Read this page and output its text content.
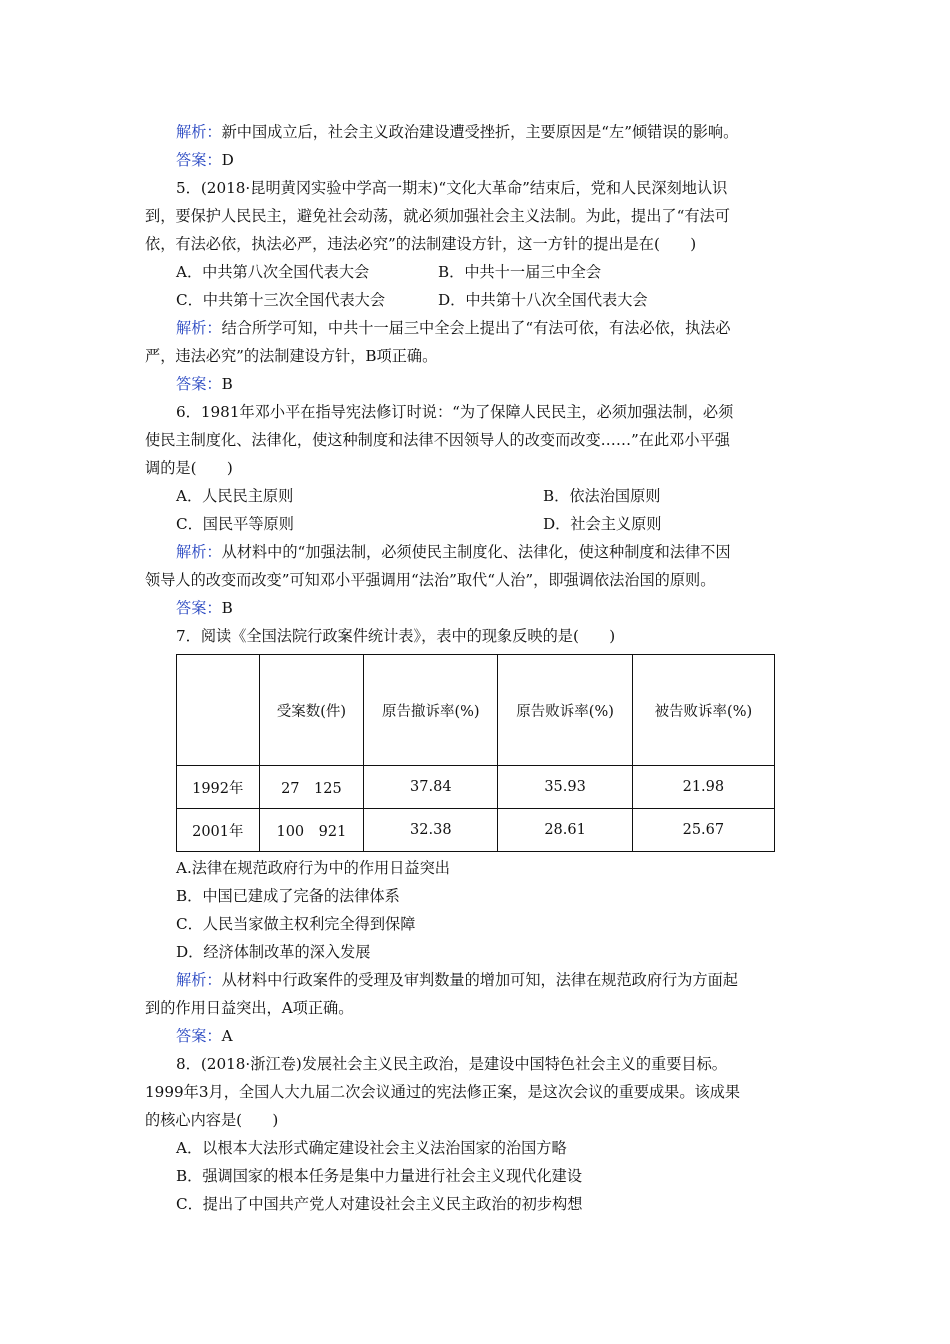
解析：新中国成立后，社会主义政治建设遭受挫折，主要原因是“左”倾错误的影响。
答案：D
5．(2018·昆明黄冈实验中学高一期末)“文化大革命”结束后，党和人民深刻地认识
到，要保护人民民主，避免社会动荡，就必须加强社会主义法制。为此，提出了“有法可
依，有法必依，执法必严，违法必究”的法制建设方针，这一方针的提出是在(　　)
A．中共第八次全国代表大会	B．中共十一届三中全会
C．中共第十三次全国代表大会	D．中共第十八次全国代表大会
解析：结合所学可知，中共十一届三中全会上提出了“有法可依，有法必依，执法必
严，违法必究”的法制建设方针，B项正确。
答案：B
6．1981年邓小平在指导宪法修订时说：“为了保障人民民主，必须加强法制，必须
使民主制度化、法律化，使这种制度和法律不因领导人的改变而改变……”在此邓小平强
调的是(　　)
A．人民民主原则	B．依法治国原则
C．国民平等原则	D．社会主义原则
解析：从材料中的“加强法制，必须使民主制度化、法律化，使这种制度和法律不因
领导人的改变而改变”可知邓小平强调用“法治”取代“人治”，即强调依法治国的原则。
答案：B
7．阅读《全国法院行政案件统计表》，表中的现象反映的是(　　)
	受案数(件)	原告撤诉率(%)	原告败诉率(%)	被告败诉率(%)
1992年	27　125	37.84	35.93	21.98
2001年	100　921	32.38	28.61	25.67
A.法律在规范政府行为中的作用日益突出
B．中国已建成了完备的法律体系
C．人民当家做主权利完全得到保障
D．经济体制改革的深入发展
解析：从材料中行政案件的受理及审判数量的增加可知，法律在规范政府行为方面起
到的作用日益突出，A项正确。
答案：A
8．(2018·浙江卷)发展社会主义民主政治，是建设中国特色社会主义的重要目标。
1999年3月，全国人大九届二次会议通过的宪法修正案，是这次会议的重要成果。该成果
的核心内容是(　　)
A．以根本大法形式确定建设社会主义法治国家的治国方略
B．强调国家的根本任务是集中力量进行社会主义现代化建设
C．提出了中国共产党人对建设社会主义民主政治的初步构想
